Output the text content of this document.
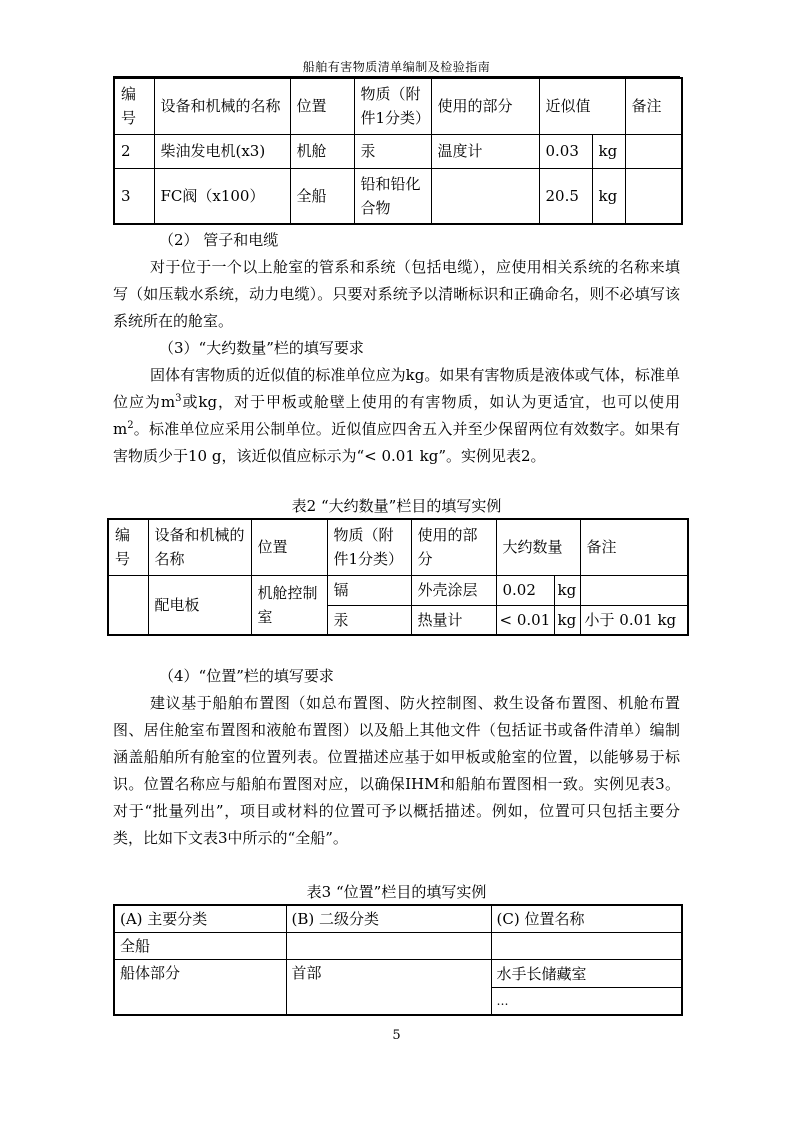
船舶有害物质清单编制及检验指南
编号	设备和机械的名称	位置	物质（附件1分类）	使用的部分	近似值		备注
2	柴油发电机(x3)	机舱	汞	温度计	0.03	kg	
3	FC阀（x100）	全船	铅和铅化合物		20.5	kg	
（2） 管子和电缆
对于位于一个以上舱室的管系和系统（包括电缆），应使用相关系统的名称来填写（如压载水系统，动力电缆）。只要对系统予以清晰标识和正确命名，则不必填写该系统所在的舱室。
（3）“大约数量”栏的填写要求
固体有害物质的近似值的标准单位应为kg。如果有害物质是液体或气体，标准单位应为$m^3$或kg，对于甲板或舱壁上使用的有害物质，如认为更适宜，也可以使用$m^2$。标准单位应采用公制单位。近似值应四舍五入并至少保留两位有效数字。如果有害物质少于10 g，该近似值应标示为“< 0.01 kg”。实例见表2。
表2 “大约数量”栏目的填写实例
编号	设备和机械的名称	位置	物质（附件1分类）	使用的部分	大约数量		备注
	配电板	机舱控制室	镉	外壳涂层	0.02	kg	
			汞	热量计	< 0.01	kg	小于 0.01 kg
（4）“位置”栏的填写要求
建议基于船舶布置图（如总布置图、防火控制图、救生设备布置图、机舱布置图、居住舱室布置图和液舱布置图）以及船上其他文件（包括证书或备件清单）编制涵盖船舶所有舱室的位置列表。位置描述应基于如甲板或舱室的位置，以能够易于标识。位置名称应与船舶布置图对应，以确保IHM和船舶布置图相一致。实例见表3。对于“批量列出”，项目或材料的位置可予以概括描述。例如，位置可只包括主要分类，比如下文表3中所示的“全船”。
表3 “位置”栏目的填写实例
(A) 主要分类	(B) 二级分类	(C) 位置名称
全船		
船体部分	首部	水手长储藏室
		…
5
